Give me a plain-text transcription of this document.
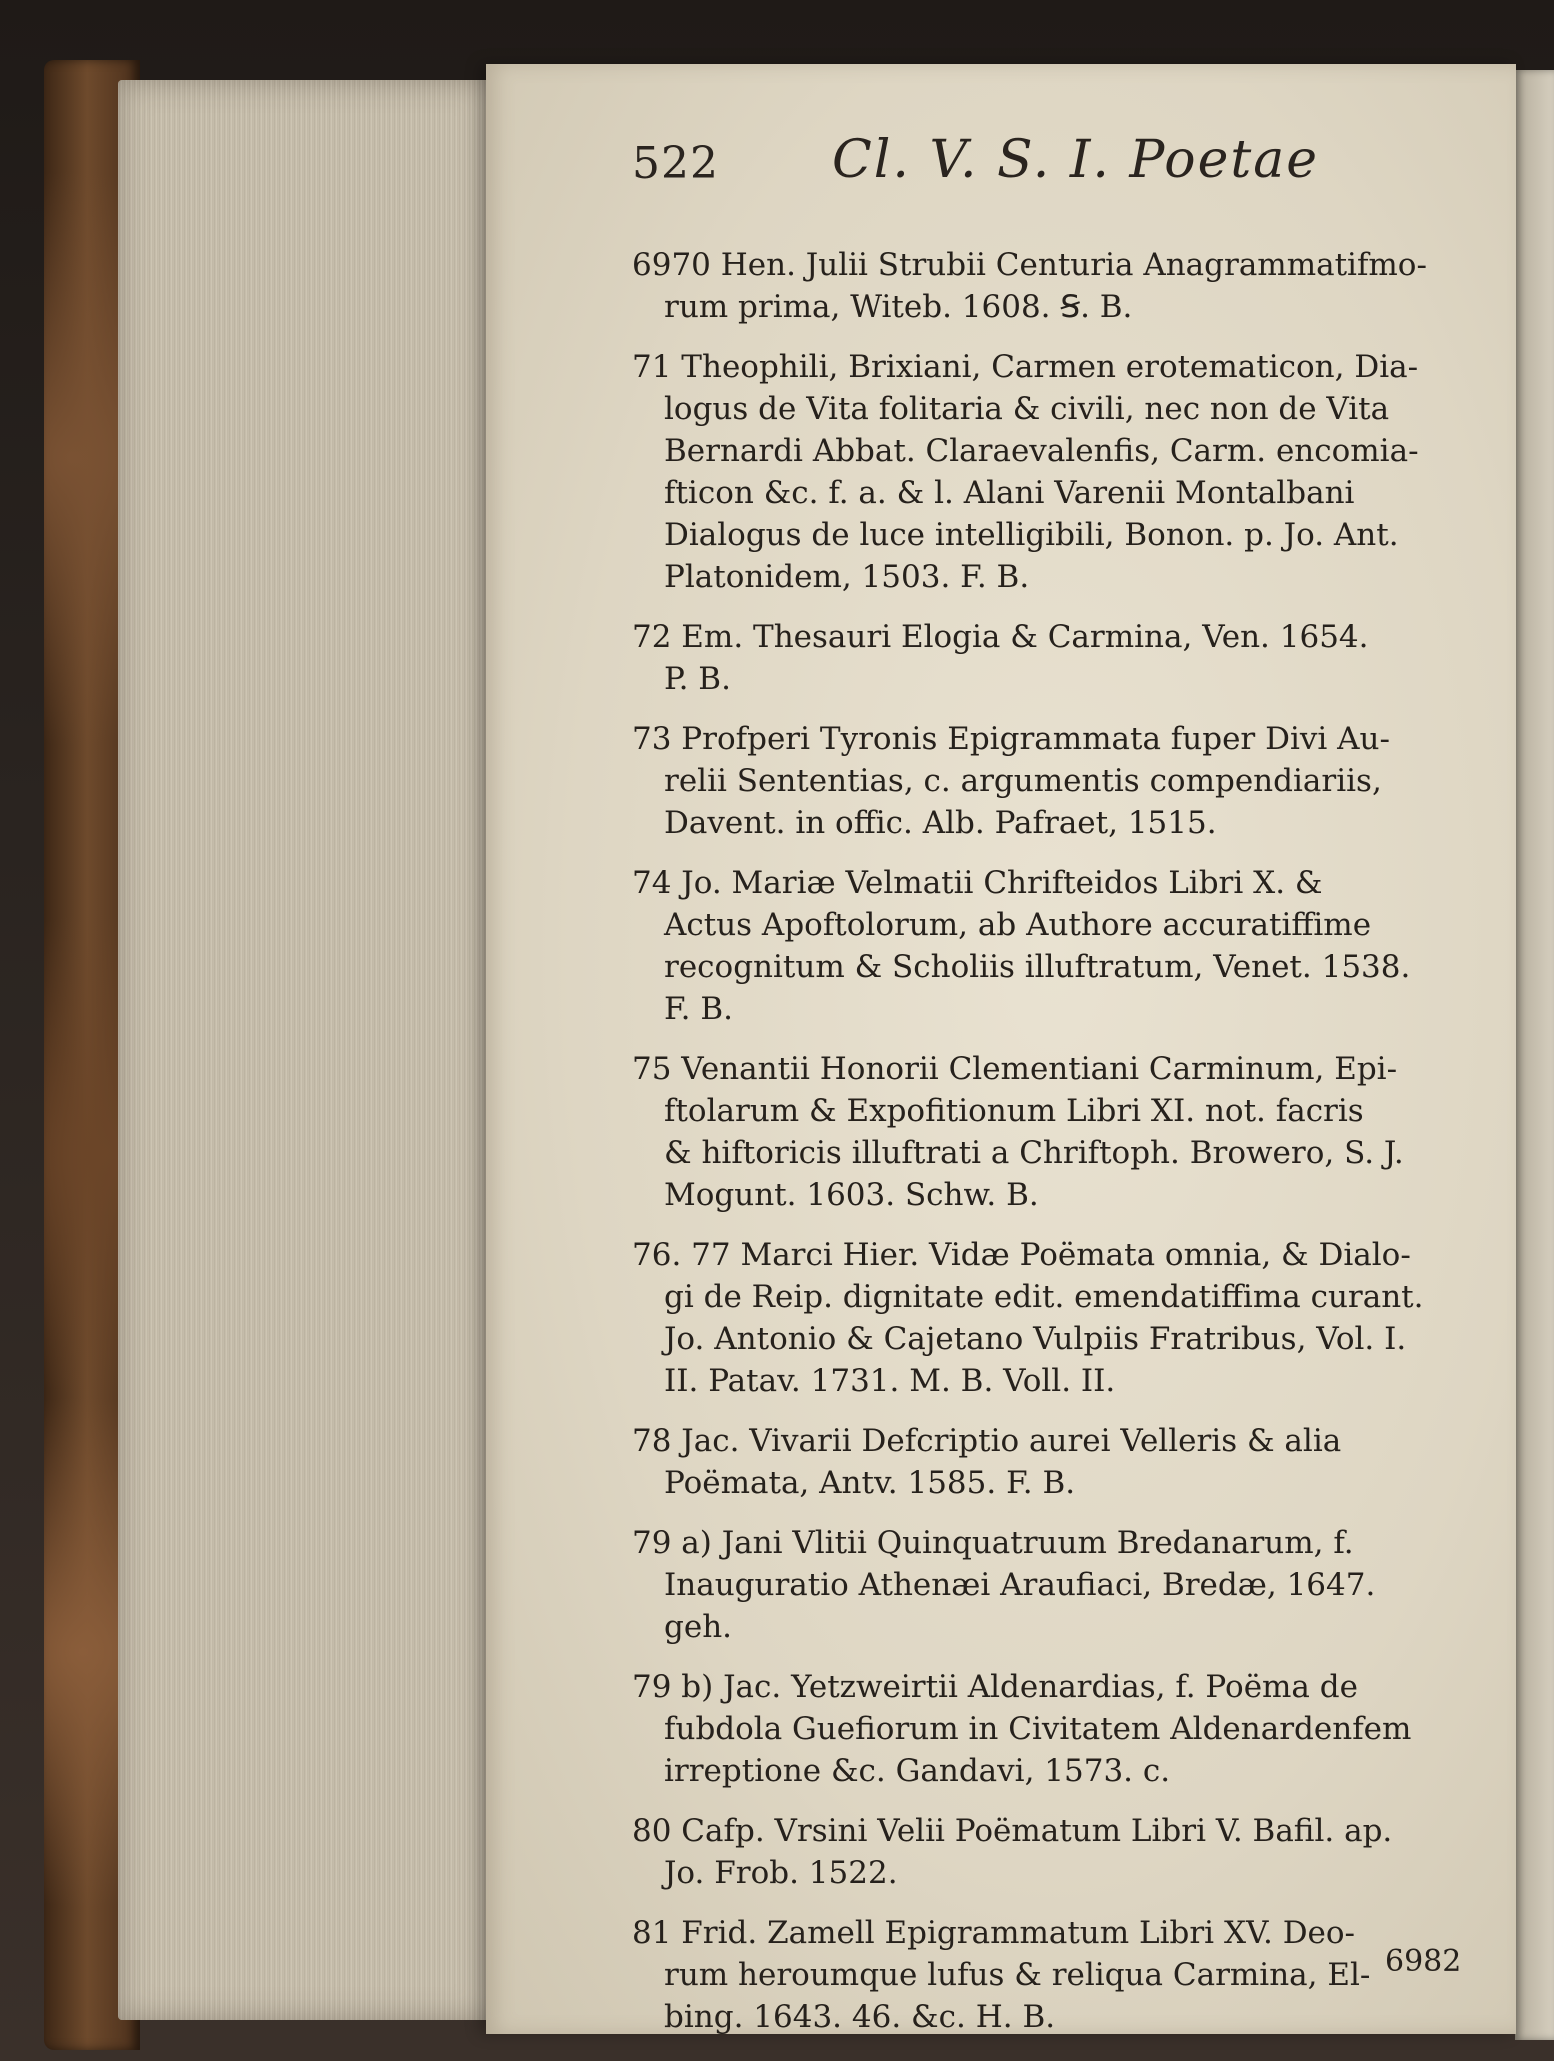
522 Cl. V. S. I. Poetae
6970 Hen. Julii Strubii Centuria Anagrammatifmo-
rum prima, Witeb. 1608. Ꞩ. B.
71 Theophili, Brixiani, Carmen erotematicon, Dia-
logus de Vita folitaria & civili, nec non de Vita
Bernardi Abbat. Claraevalenfis, Carm. encomia-
fticon &c. f. a. & l. Alani Varenii Montalbani
Dialogus de luce intelligibili, Bonon. p. Jo. Ant.
Platonidem, 1503. F. B.
72 Em. Thesauri Elogia & Carmina, Ven. 1654.
P. B.
73 Profperi Tyronis Epigrammata fuper Divi Au-
relii Sententias, c. argumentis compendiariis,
Davent. in offic. Alb. Pafraet, 1515.
74 Jo. Mariæ Velmatii Chrifteidos Libri X. &
Actus Apoftolorum, ab Authore accuratiffime
recognitum & Scholiis illuftratum, Venet. 1538.
F. B.
75 Venantii Honorii Clementiani Carminum, Epi-
ftolarum & Expofitionum Libri XI. not. facris
& hiftoricis illuftrati a Chriftoph. Browero, S. J.
Mogunt. 1603. Schw. B.
76. 77 Marci Hier. Vidæ Poëmata omnia, & Dialo-
gi de Reip. dignitate edit. emendatiffima curant.
Jo. Antonio & Cajetano Vulpiis Fratribus, Vol. I.
II. Patav. 1731. M. B. Voll. II.
78 Jac. Vivarii Defcriptio aurei Velleris & alia
Poëmata, Antv. 1585. F. B.
79 a) Jani Vlitii Quinquatruum Bredanarum, f.
Inauguratio Athenæi Araufiaci, Bredæ, 1647.
geh.
79 b) Jac. Yetzweirtii Aldenardias, f. Poëma de
fubdola Guefiorum in Civitatem Aldenardenfem
irreptione &c. Gandavi, 1573. c.
80 Cafp. Vrsini Velii Poëmatum Libri V. Bafil. ap.
Jo. Frob. 1522.
81 Frid. Zamell Epigrammatum Libri XV. Deo-
rum heroumque lufus & reliqua Carmina, El-
bing. 1643. 46. &c. H. B.
6982
